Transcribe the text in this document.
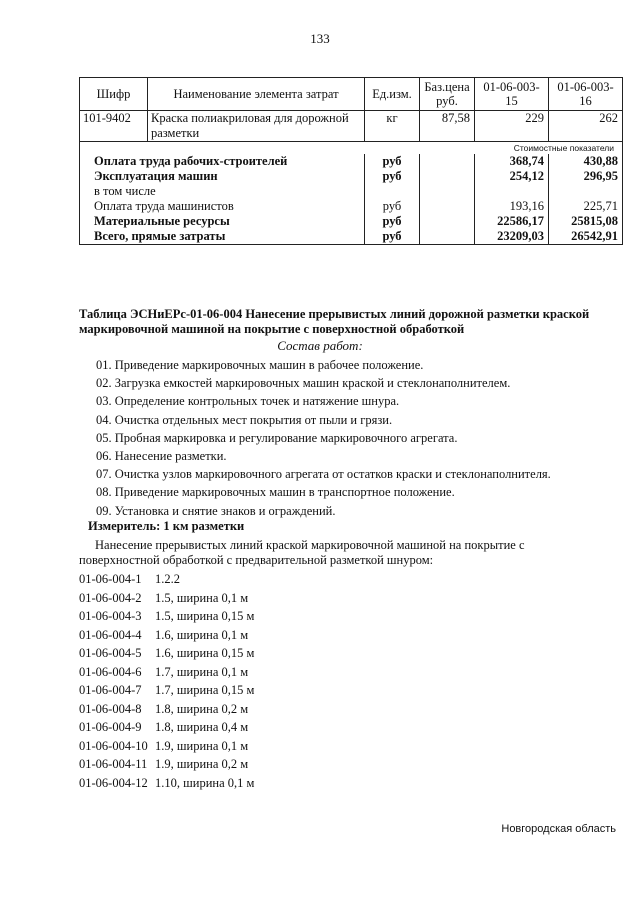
133
Шифр	Наименование элемента затрат	Ед.изм.	Баз.цена руб.	01-06-003-15	01-06-003-16
101-9402	Краска полиакриловая для дорожной разметки	кг	87,58	229	262
Стоимостные показатели					
Оплата труда рабочих-строителей		руб		368,74	430,88
Эксплуатация машин		руб		254,12	296,95
в том числе					
Оплата труда машинистов		руб		193,16	225,71
Материальные ресурсы		руб		22586,17	25815,08
Всего, прямые затраты		руб		23209,03	26542,91
Таблица ЭСНиЕРс-01-06-004 Нанесение прерывистых линий дорожной разметки краской маркировочной машиной на покрытие с поверхностной обработкой
Состав работ:
01. Приведение маркировочных машин в рабочее положение.
02. Загрузка емкостей маркировочных машин краской и стеклонаполнителем.
03. Определение контрольных точек и натяжение шнура.
04. Очистка отдельных мест покрытия от пыли и грязи.
05. Пробная маркировка и регулирование маркировочного агрегата.
06. Нанесение разметки.
07. Очистка узлов маркировочного агрегата от остатков краски и стеклонаполнителя.
08. Приведение маркировочных машин в транспортное положение.
09. Установка и снятие знаков и ограждений.
Измеритель: 1 км разметки
Нанесение прерывистых линий краской маркировочной машиной на покрытие с
поверхностной обработкой с предварительной разметкой шнуром:
01-06-004-1 1.2.2
01-06-004-2 1.5, ширина 0,1 м
01-06-004-3 1.5, ширина 0,15 м
01-06-004-4 1.6, ширина 0,1 м
01-06-004-5 1.6, ширина 0,15 м
01-06-004-6 1.7, ширина 0,1 м
01-06-004-7 1.7, ширина 0,15 м
01-06-004-8 1.8, ширина 0,2 м
01-06-004-9 1.8, ширина 0,4 м
01-06-004-10 1.9, ширина 0,1 м
01-06-004-11 1.9, ширина 0,2 м
01-06-004-12 1.10, ширина 0,1 м
Новгородская область
